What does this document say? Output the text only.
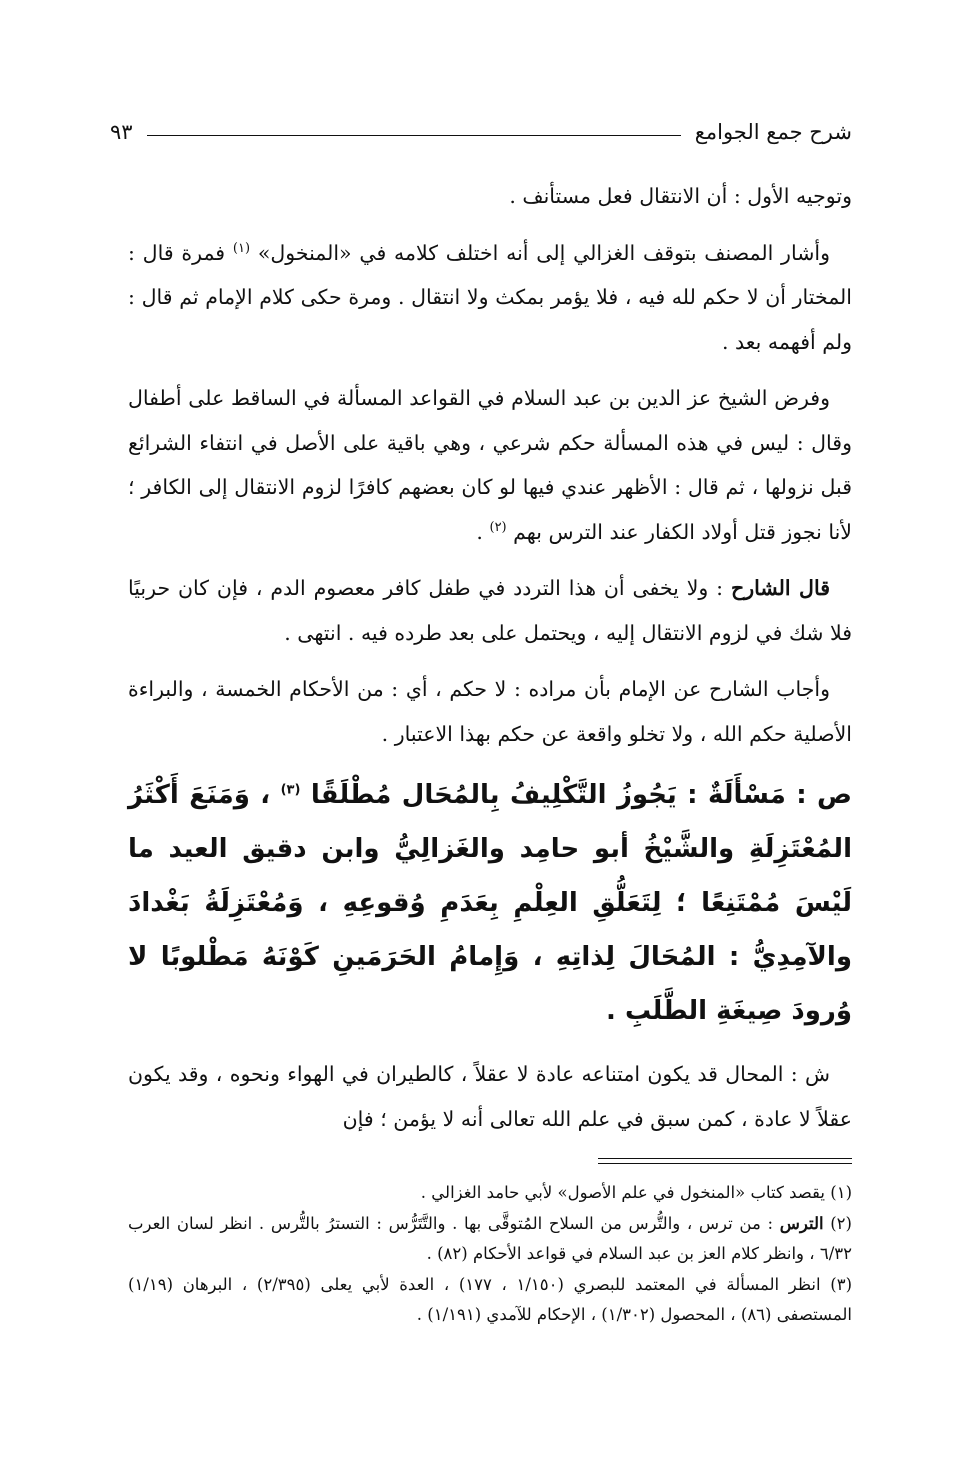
شرح جمع الجوامع
٩٣

وتوجيه الأول : أن الانتقال فعل مستأنف .

وأشار المصنف بتوقف الغزالي إلى أنه اختلف كلامه في «المنخول» $^{(١)}$ فمرة قال : المختار أن لا حكم لله فيه ، فلا يؤمر بمكث ولا انتقال . ومرة حكى كلام الإمام ثم قال : ولم أفهمه بعد .

وفرض الشيخ عز الدين بن عبد السلام في القواعد المسألة في الساقط على أطفال وقال : ليس في هذه المسألة حكم شرعي ، وهي باقية على الأصل في انتفاء الشرائع قبل نزولها ، ثم قال : الأظهر عندي فيها لو كان بعضهم كافرًا لزوم الانتقال إلى الكافر ؛ لأنا نجوز قتل أولاد الكفار عند الترس بهم $^{(٢)}$ .

قال الشارح : ولا يخفى أن هذا التردد في طفل كافر معصوم الدم ، فإن كان حربيًا فلا شك في لزوم الانتقال إليه ، ويحتمل على بعد طرده فيه . انتهى .

وأجاب الشارح عن الإمام بأن مراده : لا حكم ، أي : من الأحكام الخمسة ، والبراءة الأصلية حكم الله ، ولا تخلو واقعة عن حكم بهذا الاعتبار .

ص : مَسْأَلَةٌ : يَجُوزُ التَّكْلِيفُ بِالمُحَال مُطْلَقًا $^{(٣)}$ ، وَمَنَعَ أَكْثَرُ المُعْتَزِلَةِ والشَّيْخُ أبو حامِد والغَزالِيُّ وابن دقيق العيد ما لَيْسَ مُمْتَنِعًا ؛ لِتَعَلُّقِ العِلْمِ بِعَدَمِ وُقوعِهِ ، وَمُعْتَزِلَةُ بَغْدادَ والآمِدِيُّ : المُحَالَ لِذاتِهِ ، وَإِمامُ الحَرَمَينِ كَوْنَهُ مَطْلوبًا لا وُرودَ صِيغَةِ الطَّلَبِ .

ش : المحال قد يكون امتناعه عادة لا عقلاً ، كالطيران في الهواء ونحوه ، وقد يكون عقلاً لا عادة ، كمن سبق في علم الله تعالى أنه لا يؤمن ؛ فإن

(١) يقصد كتاب «المنخول في علم الأصول» لأبي حامد الغزالي .

(٢) الترس : من ترس ، والتُّرس من السلاح المُتوقَّى بها . والتَّتَرُّس : التسترُ بالتُّرس . انظر لسان العرب ٦/٣٢ ، وانظر كلام العز بن عبد السلام في قواعد الأحكام (٨٢) .

(٣) انظر المسألة في المعتمد للبصري (١/١٥٠ ، ١٧٧) ، العدة لأبي يعلى (٢/٣٩٥) ، البرهان (١/١٩) المستصفى (٨٦) ، المحصول (١/٣٠٢) ، الإحكام للآمدي (١/١٩١) .
